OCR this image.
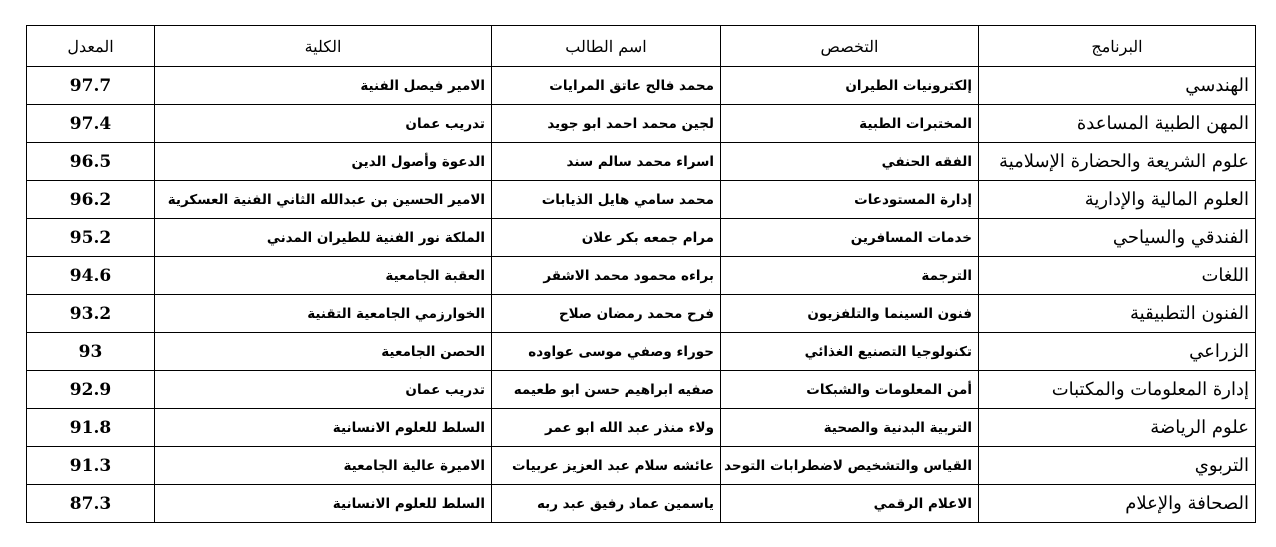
البرنامج	التخصص	اسم الطالب	الكلية	المعدل
الهندسي	إلكترونيات الطيران	محمد فالح عاتق المرايات	الامير فيصل الفنية	97.7
المهن الطبية المساعدة	المختبرات الطبية	لجين محمد احمد ابو جويد	تدريب عمان	97.4
علوم الشريعة والحضارة الإسلامية	الفقه الحنفي	اسراء محمد سالم سند	الدعوة وأصول الدين	96.5
العلوم المالية والإدارية	إدارة المستودعات	محمد سامي هايل الذيابات	الامير الحسين بن عبدالله الثاني الفنية العسكرية	96.2
الفندقي والسياحي	خدمات المسافرين	مرام جمعه بكر علان	الملكة نور الفنية للطيران المدني	95.2
اللغات	الترجمة	براءه محمود محمد الاشقر	العقبة الجامعية	94.6
الفنون التطبيقية	فنون السينما والتلفزيون	فرح محمد رمضان صلاح	الخوارزمي الجامعية التقنية	93.2
الزراعي	تكنولوجيا التصنيع الغذائي	حوراء وصفي موسى عواوده	الحصن الجامعية	93
إدارة المعلومات والمكتبات	أمن المعلومات والشبكات	صفيه ابراهيم حسن ابو طعيمه	تدريب عمان	92.9
علوم الرياضة	التربية البدنية والصحية	ولاء منذر عبد الله ابو عمر	السلط للعلوم الانسانية	91.8
التربوي	القياس والتشخيص لاضطرابات التوحد	عائشه سلام عبد العزيز عربيات	الاميرة عالية الجامعية	91.3
الصحافة والإعلام	الاعلام الرقمي	ياسمين عماد رفيق عبد ربه	السلط للعلوم الانسانية	87.3
